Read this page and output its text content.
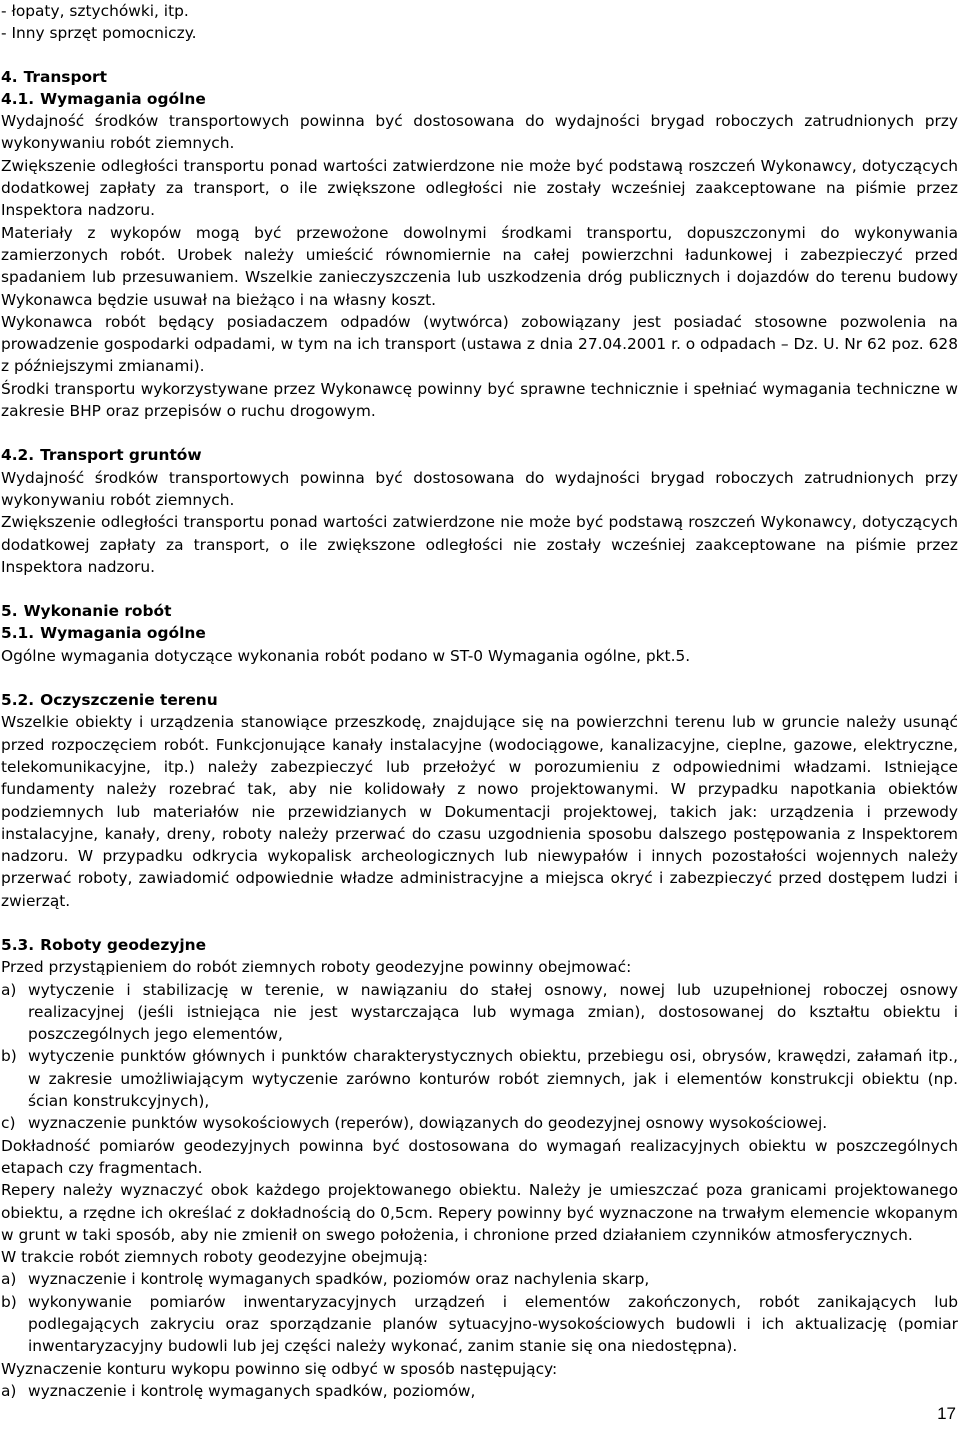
- łopaty, sztychówki, itp.
- Inny sprzęt pomocniczy.
4. Transport
4.1. Wymagania ogólne

Wydajność środków transportowych powinna być dostosowana do wydajności brygad roboczych zatrudnionych przy wykonywaniu robót ziemnych.

Zwiększenie odległości transportu ponad wartości zatwierdzone nie może być podstawą roszczeń Wykonawcy, dotyczących dodatkowej zapłaty za transport, o ile zwiększone odległości nie zostały wcześniej zaakceptowane na piśmie przez Inspektora nadzoru.

Materiały z wykopów mogą być przewożone dowolnymi środkami transportu, dopuszczonymi do wykonywania zamierzonych robót. Urobek należy umieścić równomiernie na całej powierzchni ładunkowej i zabezpieczyć przed spadaniem lub przesuwaniem. Wszelkie zanieczyszczenia lub uszkodzenia dróg publicznych i dojazdów do terenu budowy Wykonawca będzie usuwał na bieżąco i na własny koszt.

Wykonawca robót będący posiadaczem odpadów (wytwórca) zobowiązany jest posiadać stosowne pozwolenia na prowadzenie gospodarki odpadami, w tym na ich transport (ustawa z dnia 27.04.2001 r. o odpadach – Dz. U. Nr 62 poz. 628 z późniejszymi zmianami).

Środki transportu wykorzystywane przez Wykonawcę powinny być sprawne technicznie i spełniać wymagania techniczne w zakresie BHP oraz przepisów o ruchu drogowym.

4.2. Transport gruntów

Wydajność środków transportowych powinna być dostosowana do wydajności brygad roboczych zatrudnionych przy wykonywaniu robót ziemnych.

Zwiększenie odległości transportu ponad wartości zatwierdzone nie może być podstawą roszczeń Wykonawcy, dotyczących dodatkowej zapłaty za transport, o ile zwiększone odległości nie zostały wcześniej zaakceptowane na piśmie przez Inspektora nadzoru.

5. Wykonanie robót
5.1. Wymagania ogólne

Ogólne wymagania dotyczące wykonania robót podano w ST-0 Wymagania ogólne, pkt.5.

5.2. Oczyszczenie terenu

Wszelkie obiekty i urządzenia stanowiące przeszkodę, znajdujące się na powierzchni terenu lub w gruncie należy usunąć przed rozpoczęciem robót. Funkcjonujące kanały instalacyjne (wodociągowe, kanalizacyjne, cieplne, gazowe, elektryczne, telekomunikacyjne, itp.) należy zabezpieczyć lub przełożyć w porozumieniu z odpowiednimi władzami. Istniejące fundamenty należy rozebrać tak, aby nie kolidowały z nowo projektowanymi. W przypadku napotkania obiektów podziemnych lub materiałów nie przewidzianych w Dokumentacji projektowej, takich jak: urządzenia i przewody instalacyjne, kanały, dreny, roboty należy przerwać do czasu uzgodnienia sposobu dalszego postępowania z Inspektorem nadzoru. W przypadku odkrycia wykopalisk archeologicznych lub niewypałów i innych pozostałości wojennych należy przerwać roboty, zawiadomić odpowiednie władze administracyjne a miejsca okryć i zabezpieczyć przed dostępem ludzi i zwierząt.

5.3. Roboty geodezyjne

Przed przystąpieniem do robót ziemnych roboty geodezyjne powinny obejmować:

a) wytyczenie i stabilizację w terenie, w nawiązaniu do stałej osnowy, nowej lub uzupełnionej roboczej osnowy realizacyjnej (jeśli istniejąca nie jest wystarczająca lub wymaga zmian), dostosowanej do kształtu obiektu i poszczególnych jego elementów,
b) wytyczenie punktów głównych i punktów charakterystycznych obiektu, przebiegu osi, obrysów, krawędzi, załamań itp., w zakresie umożliwiającym wytyczenie zarówno konturów robót ziemnych, jak i elementów konstrukcji obiektu (np. ścian konstrukcyjnych),
c) wyznaczenie punktów wysokościowych (reperów), dowiązanych do geodezyjnej osnowy wysokościowej.

Dokładność pomiarów geodezyjnych powinna być dostosowana do wymagań realizacyjnych obiektu w poszczególnych etapach czy fragmentach.

Repery należy wyznaczyć obok każdego projektowanego obiektu. Należy je umieszczać poza granicami projektowanego obiektu, a rzędne ich określać z dokładnością do 0,5cm. Repery powinny być wyznaczone na trwałym elemencie wkopanym w grunt w taki sposób, aby nie zmienił on swego położenia, i chronione przed działaniem czynników atmosferycznych.

W trakcie robót ziemnych roboty geodezyjne obejmują:

a) wyznaczenie i kontrolę wymaganych spadków, poziomów oraz nachylenia skarp,
b) wykonywanie pomiarów inwentaryzacyjnych urządzeń i elementów zakończonych, robót zanikających lub podlegających zakryciu oraz sporządzanie planów sytuacyjno-wysokościowych budowli i ich aktualizację (pomiar inwentaryzacyjny budowli lub jej części należy wykonać, zanim stanie się ona niedostępna).

Wyznaczenie konturu wykopu powinno się odbyć w sposób następujący:

a) wyznaczenie i kontrolę wymaganych spadków, poziomów,
17
